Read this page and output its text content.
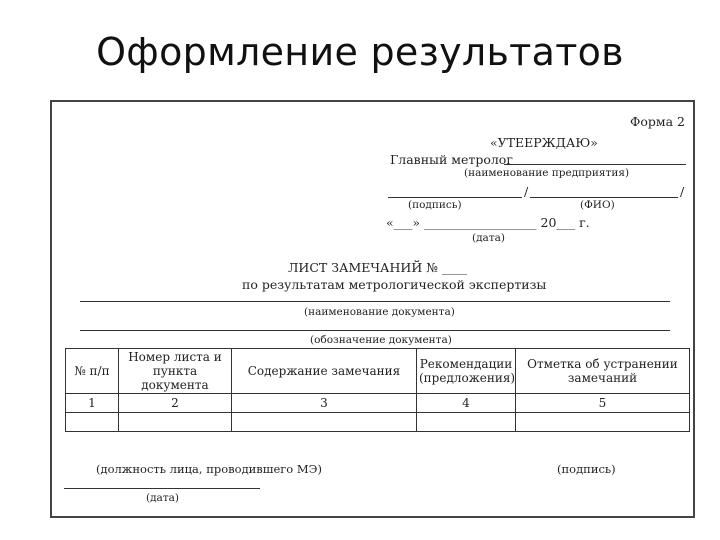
Оформление результатов
Форма 2
«УТЕЕРЖДАЮ»
Главный метролог
(наименование предприятия)
/	/
(подпись)	(ФИО)
«___» __________________ 20___ г.
(дата)
ЛИСТ ЗАМЕЧАНИЙ № ____
по результатам метрологической экспертизы
(наименование документа)
(обозначение документа)
№ п/п	Номер листа и пункта документа	Содержание замечания	Рекомендации (предложения)	Отметка об устранении замечаний
1	2	3	4	5

(должность лица, проводившего МЭ)	(подпись)
(дата)
